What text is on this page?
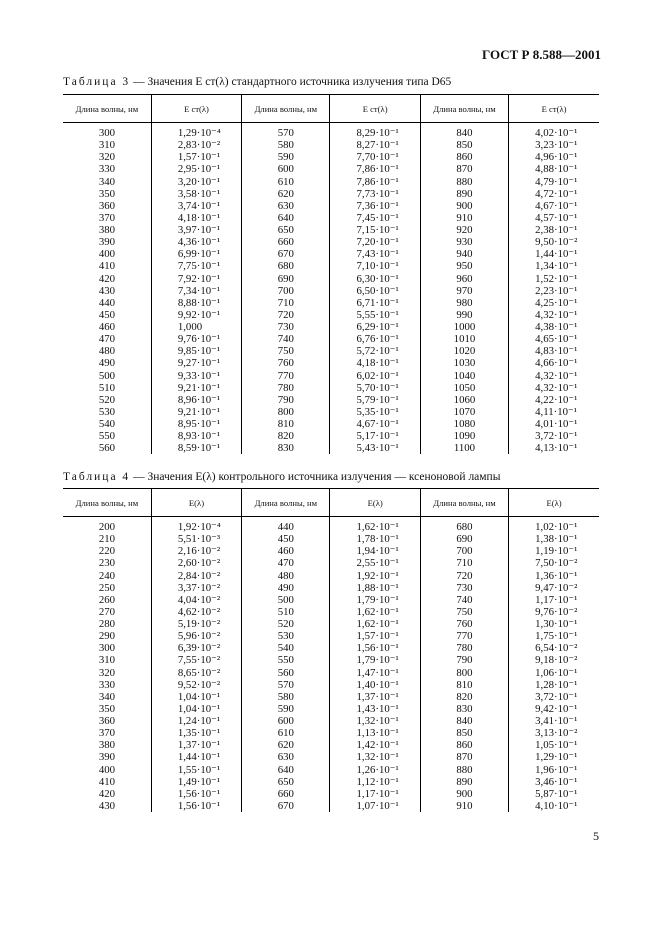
ГОСТ Р 8.588—2001
Таблица 3 — Значения E ст(λ) стандартного источника излучения типа D65
Длина волны, нм	E ст(λ)	Длина волны, нм	E ст(λ)	Длина волны, нм	E ст(λ)
300	1,29·10⁻⁴	570	8,29·10⁻¹	840	4,02·10⁻¹
310	2,83·10⁻²	580	8,27·10⁻¹	850	3,23·10⁻¹
320	1,57·10⁻¹	590	7,70·10⁻¹	860	4,96·10⁻¹
330	2,95·10⁻¹	600	7,86·10⁻¹	870	4,88·10⁻¹
340	3,20·10⁻¹	610	7,86·10⁻¹	880	4,79·10⁻¹
350	3,58·10⁻¹	620	7,73·10⁻¹	890	4,72·10⁻¹
360	3,74·10⁻¹	630	7,36·10⁻¹	900	4,67·10⁻¹
370	4,18·10⁻¹	640	7,45·10⁻¹	910	4,57·10⁻¹
380	3,97·10⁻¹	650	7,15·10⁻¹	920	2,38·10⁻¹
390	4,36·10⁻¹	660	7,20·10⁻¹	930	9,50·10⁻²
400	6,99·10⁻¹	670	7,43·10⁻¹	940	1,44·10⁻¹
410	7,75·10⁻¹	680	7,10·10⁻¹	950	1,34·10⁻¹
420	7,92·10⁻¹	690	6,30·10⁻¹	960	1,52·10⁻¹
430	7,34·10⁻¹	700	6,50·10⁻¹	970	2,23·10⁻¹
440	8,88·10⁻¹	710	6,71·10⁻¹	980	4,25·10⁻¹
450	9,92·10⁻¹	720	5,55·10⁻¹	990	4,32·10⁻¹
460	1,000	730	6,29·10⁻¹	1000	4,38·10⁻¹
470	9,76·10⁻¹	740	6,76·10⁻¹	1010	4,65·10⁻¹
480	9,85·10⁻¹	750	5,72·10⁻¹	1020	4,83·10⁻¹
490	9,27·10⁻¹	760	4,18·10⁻¹	1030	4,66·10⁻¹
500	9,33·10⁻¹	770	6,02·10⁻¹	1040	4,32·10⁻¹
510	9,21·10⁻¹	780	5,70·10⁻¹	1050	4,32·10⁻¹
520	8,96·10⁻¹	790	5,79·10⁻¹	1060	4,22·10⁻¹
530	9,21·10⁻¹	800	5,35·10⁻¹	1070	4,11·10⁻¹
540	8,95·10⁻¹	810	4,67·10⁻¹	1080	4,01·10⁻¹
550	8,93·10⁻¹	820	5,17·10⁻¹	1090	3,72·10⁻¹
560	8,59·10⁻¹	830	5,43·10⁻¹	1100	4,13·10⁻¹
Таблица 4 — Значения E(λ) контрольного источника излучения — ксеноновой лампы
Длина волны, нм	E(λ)	Длина волны, нм	E(λ)	Длина волны, нм	E(λ)
200	1,92·10⁻⁴	440	1,62·10⁻¹	680	1,02·10⁻¹
210	5,51·10⁻³	450	1,78·10⁻¹	690	1,38·10⁻¹
220	2,16·10⁻²	460	1,94·10⁻¹	700	1,19·10⁻¹
230	2,60·10⁻²	470	2,55·10⁻¹	710	7,50·10⁻²
240	2,84·10⁻²	480	1,92·10⁻¹	720	1,36·10⁻¹
250	3,37·10⁻²	490	1,88·10⁻¹	730	9,47·10⁻²
260	4,04·10⁻²	500	1,79·10⁻¹	740	1,17·10⁻¹
270	4,62·10⁻²	510	1,62·10⁻¹	750	9,76·10⁻²
280	5,19·10⁻²	520	1,62·10⁻¹	760	1,30·10⁻¹
290	5,96·10⁻²	530	1,57·10⁻¹	770	1,75·10⁻¹
300	6,39·10⁻²	540	1,56·10⁻¹	780	6,54·10⁻²
310	7,55·10⁻²	550	1,79·10⁻¹	790	9,18·10⁻²
320	8,65·10⁻²	560	1,47·10⁻¹	800	1,06·10⁻¹
330	9,52·10⁻²	570	1,40·10⁻¹	810	1,28·10⁻¹
340	1,04·10⁻¹	580	1,37·10⁻¹	820	3,72·10⁻¹
350	1,04·10⁻¹	590	1,43·10⁻¹	830	9,42·10⁻¹
360	1,24·10⁻¹	600	1,32·10⁻¹	840	3,41·10⁻¹
370	1,35·10⁻¹	610	1,13·10⁻¹	850	3,13·10⁻²
380	1,37·10⁻¹	620	1,42·10⁻¹	860	1,05·10⁻¹
390	1,44·10⁻¹	630	1,32·10⁻¹	870	1,29·10⁻¹
400	1,55·10⁻¹	640	1,26·10⁻¹	880	1,96·10⁻¹
410	1,49·10⁻¹	650	1,12·10⁻¹	890	3,46·10⁻¹
420	1,56·10⁻¹	660	1,17·10⁻¹	900	5,87·10⁻¹
430	1,56·10⁻¹	670	1,07·10⁻¹	910	4,10·10⁻¹
5
